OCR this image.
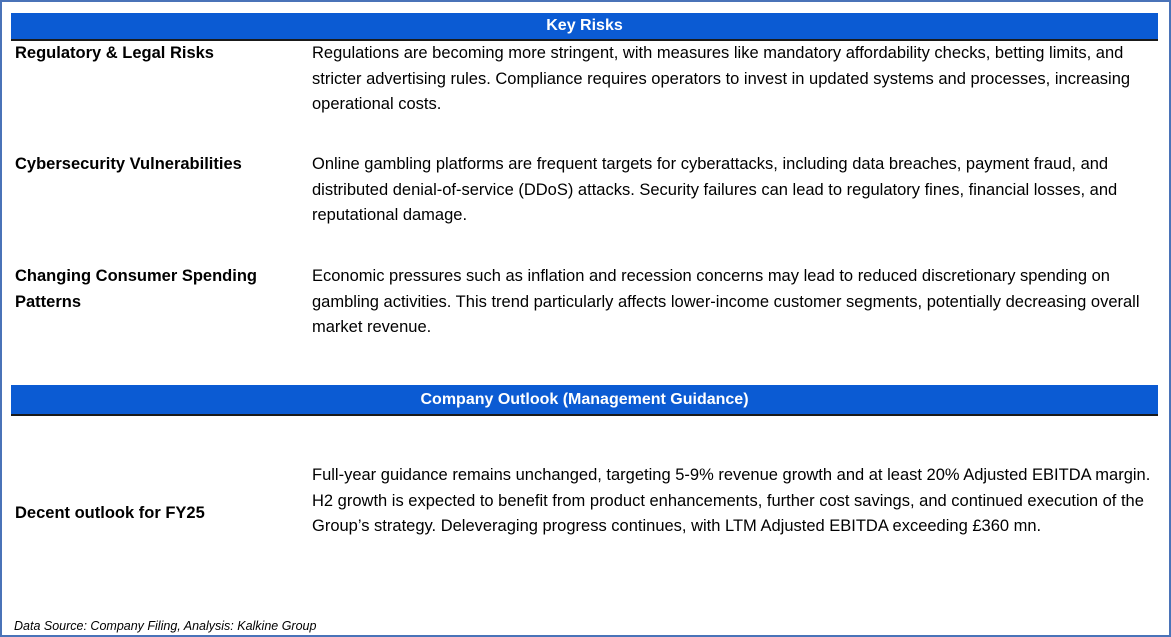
Key Risks
Regulatory & Legal Risks	Regulations are becoming more stringent, with measures like mandatory affordability checks, betting limits, and stricter advertising rules. Compliance requires operators to invest in updated systems and processes, increasing operational costs.
Cybersecurity Vulnerabilities	Online gambling platforms are frequent targets for cyberattacks, including data breaches, payment fraud, and distributed denial-of-service (DDoS) attacks. Security failures can lead to regulatory fines, financial losses, and reputational damage.
Changing Consumer Spending Patterns
Economic pressures such as inflation and recession concerns may lead to reduced discretionary spending on gambling activities. This trend particularly affects lower-income customer segments, potentially decreasing overall market revenue.
Company Outlook (Management Guidance)
Decent outlook for FY25
Full-year guidance remains unchanged, targeting 5-9% revenue growth and at least 20% Adjusted EBITDA margin. H2 growth is expected to benefit from product enhancements, further cost savings, and continued execution of the Group’s strategy. Deleveraging progress continues, with LTM Adjusted EBITDA exceeding £360 mn.
Data Source: Company Filing, Analysis: Kalkine Group
